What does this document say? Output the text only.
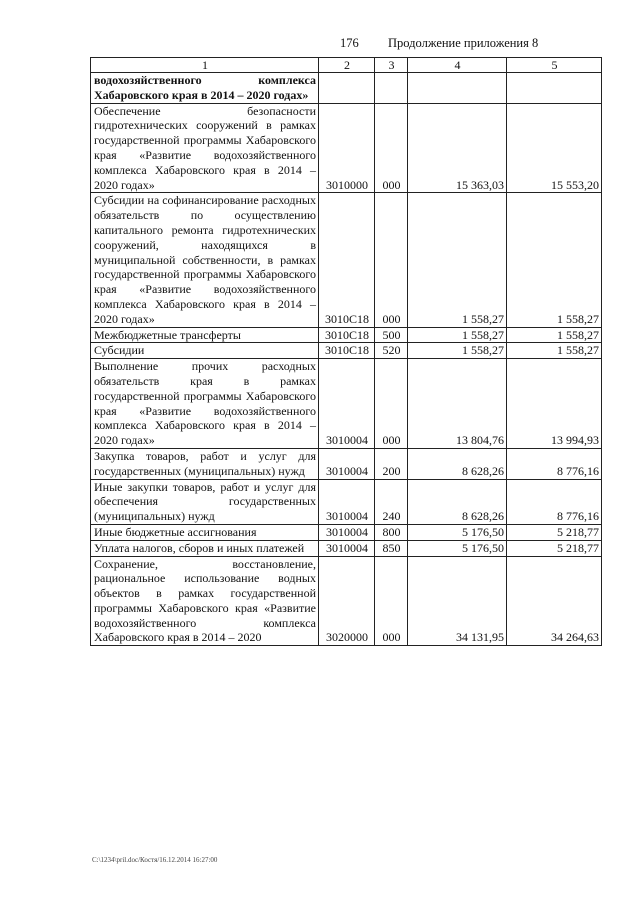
176 Продолжение приложения 8
1	2	3	4	5
водохозяйственного комплекса Хабаровского края в 2014 – 2020 годах»				
Обеспечение безопасности гидротехнических сооружений в рамках государственной программы Хабаровского края «Развитие водохозяйственного комплекса Хабаровского края в 2014 – 2020 годах»	3010000	000	15 363,03	15 553,20
Субсидии на софинансирование расходных обязательств по осуществлению капитального ремонта гидротехнических сооружений, находящихся в муниципальной собственности, в рамках государственной программы Хабаровского края «Развитие водохозяйственного комплекса Хабаровского края в 2014 – 2020 годах»	3010С18	000	1 558,27	1 558,27
Межбюджетные трансферты	3010С18	500	1 558,27	1 558,27
Субсидии	3010С18	520	1 558,27	1 558,27
Выполнение прочих расходных обязательств края в рамках государственной программы Хабаровского края «Развитие водохозяйственного комплекса Хабаровского края в 2014 – 2020 годах»	3010004	000	13 804,76	13 994,93
Закупка товаров, работ и услуг для государственных (муниципальных) нужд	3010004	200	8 628,26	8 776,16
Иные закупки товаров, работ и услуг для обеспечения государственных (муниципальных) нужд	3010004	240	8 628,26	8 776,16
Иные бюджетные ассигнования	3010004	800	5 176,50	5 218,77
Уплата налогов, сборов и иных платежей	3010004	850	5 176,50	5 218,77
Сохранение, восстановление, рациональное использование водных объектов в рамках государственной программы Хабаровского края «Развитие водохозяйственного комплекса Хабаровского края в 2014 – 2020	3020000	000	34 131,95	34 264,63
C:\1234\pril.doc/Костя/16.12.2014 16:27:00
